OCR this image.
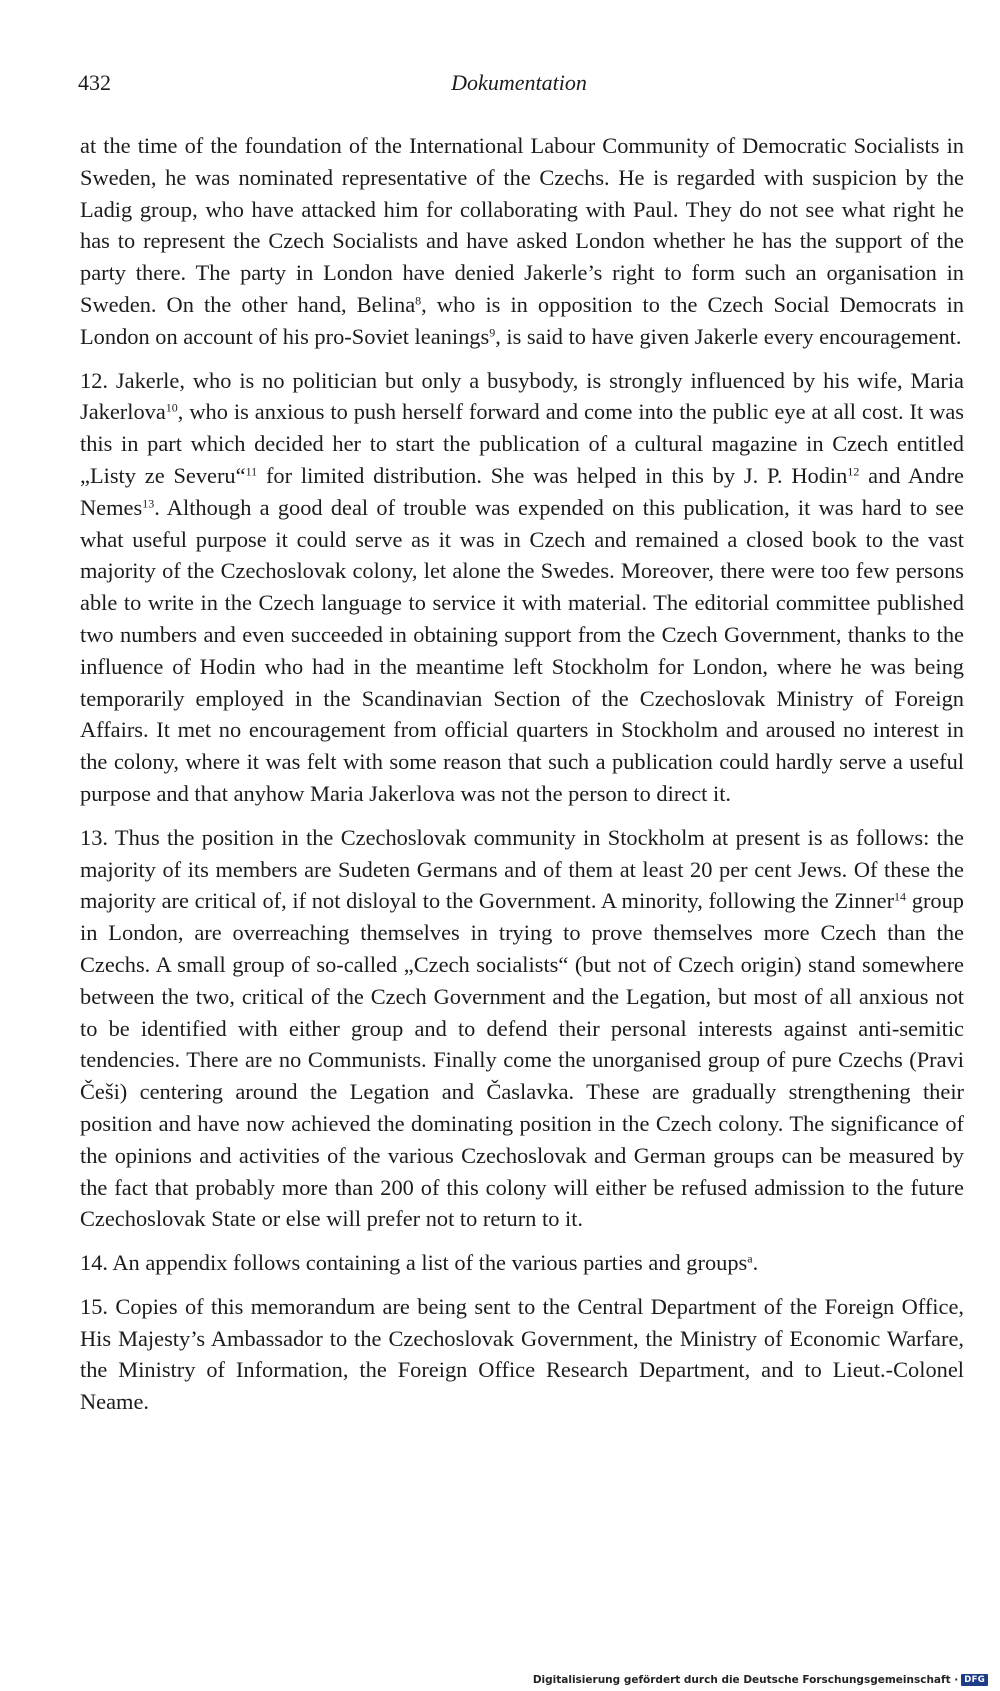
432	Dokumentation

at the time of the foundation of the International Labour Community of Democratic Socialists in Sweden, he was nominated representative of the Czechs. He is regarded with suspicion by the Ladig group, who have attacked him for collaborating with Paul. They do not see what right he has to represent the Czech Socialists and have asked London whether he has the support of the party there. The party in London have denied Jakerle’s right to form such an organisation in Sweden. On the other hand, Belina$^8$, who is in opposition to the Czech Social Democrats in London on account of his pro-Soviet leanings$^9$, is said to have given Jakerle every encouragement.

12. Jakerle, who is no politician but only a busybody, is strongly influenced by his wife, Maria Jakerlova$^{10}$, who is anxious to push herself forward and come into the public eye at all cost. It was this in part which decided her to start the publication of a cultural magazine in Czech entitled „Listy ze Severu“$^{11}$ for limited distribution. She was helped in this by J. P. Hodin$^{12}$ and Andre Nemes$^{13}$. Although a good deal of trouble was expended on this publication, it was hard to see what useful purpose it could serve as it was in Czech and remained a closed book to the vast majority of the Czechoslovak colony, let alone the Swedes. Moreover, there were too few persons able to write in the Czech language to service it with material. The editorial committee published two numbers and even succeeded in obtaining support from the Czech Government, thanks to the influence of Hodin who had in the meantime left Stockholm for London, where he was being temporarily employed in the Scandinavian Section of the Czechoslovak Ministry of Foreign Affairs. It met no encouragement from official quarters in Stockholm and aroused no interest in the colony, where it was felt with some reason that such a publication could hardly serve a useful purpose and that anyhow Maria Jakerlova was not the person to direct it.

13. Thus the position in the Czechoslovak community in Stockholm at present is as follows: the majority of its members are Sudeten Germans and of them at least 20 per cent Jews. Of these the majority are critical of, if not disloyal to the Government. A minority, following the Zinner$^{14}$ group in London, are overreaching themselves in trying to prove themselves more Czech than the Czechs. A small group of so-called „Czech socialists“ (but not of Czech origin) stand somewhere between the two, critical of the Czech Government and the Legation, but most of all anxious not to be identified with either group and to defend their personal interests against anti-semitic tendencies. There are no Communists. Finally come the unorganised group of pure Czechs (Pravi Češi) centering around the Legation and Časlavka. These are gradually strengthening their position and have now achieved the dominating position in the Czech colony. The significance of the opinions and activities of the various Czechoslovak and German groups can be measured by the fact that probably more than 200 of this colony will either be refused admission to the future Czechoslovak State or else will prefer not to return to it.

14. An appendix follows containing a list of the various parties and groups$^a$.

15. Copies of this memorandum are being sent to the Central Department of the Foreign Office, His Majesty’s Ambassador to the Czechoslovak Government, the Ministry of Economic Warfare, the Ministry of Information, the Foreign Office Research Department, and to Lieut.-Colonel Neame.

Digitalisierung gefördert durch die Deutsche Forschungsgemeinschaft · DFG
